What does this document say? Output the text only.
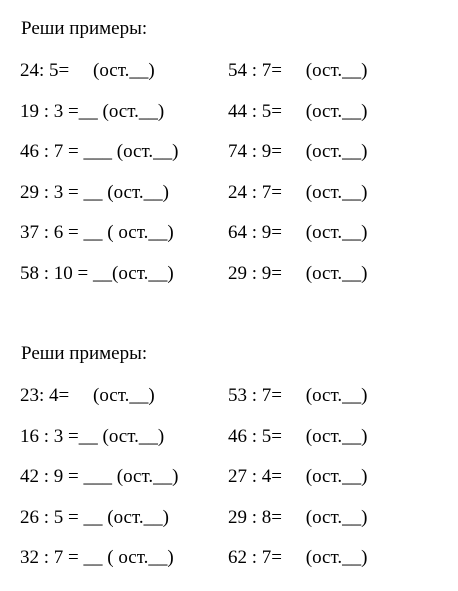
Реши примеры:
24: 5=     (ост.__)	54 : 7=     (ост.__)
19 : 3 =__ (ост.__)	44 : 5=     (ост.__)
46 : 7 = ___ (ост.__)	74 : 9=     (ост.__)
29 : 3 = __ (ост.__)	24 : 7=     (ост.__)
37 : 6 = __ ( ост.__)	64 : 9=     (ост.__)
58 : 10 = __(ост.__)	29 : 9=     (ост.__)
Реши примеры:
23: 4=     (ост.__)	53 : 7=     (ост.__)
16 : 3 =__ (ост.__)	46 : 5=     (ост.__)
42 : 9 = ___ (ост.__)	27 : 4=     (ост.__)
26 : 5 = __ (ост.__)	29 : 8=     (ост.__)
32 : 7 = __ ( ост.__)	62 : 7=     (ост.__)
